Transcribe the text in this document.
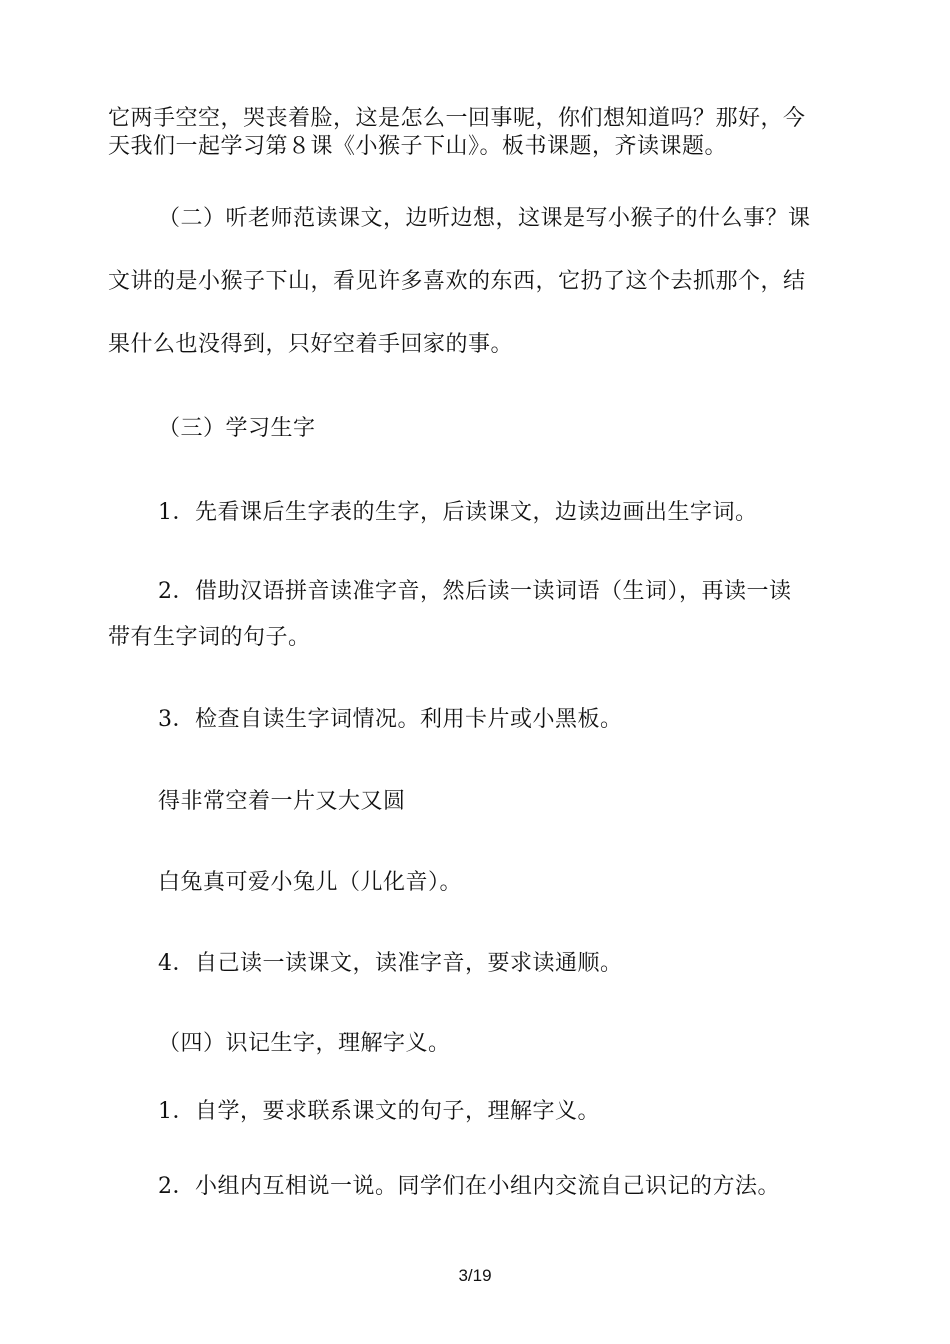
它两手空空，哭丧着脸，这是怎么一回事呢，你们想知道吗？那好，今
天我们一起学习第８课《小猴子下山》。板书课题，齐读课题。
（二）听老师范读课文，边听边想，这课是写小猴子的什么事？课
文讲的是小猴子下山，看见许多喜欢的东西，它扔了这个去抓那个，结
果什么也没得到，只好空着手回家的事。
（三）学习生字
1．先看课后生字表的生字，后读课文，边读边画出生字词。
2．借助汉语拼音读准字音，然后读一读词语（生词），再读一读
带有生字词的句子。
3．检查自读生字词情况。利用卡片或小黑板。
得非常空着一片又大又圆
白兔真可爱小兔儿（儿化音）。
4．自己读一读课文，读准字音，要求读通顺。
（四）识记生字，理解字义。
1．自学，要求联系课文的句子，理解字义。
2．小组内互相说一说。同学们在小组内交流自己识记的方法。
3/19
